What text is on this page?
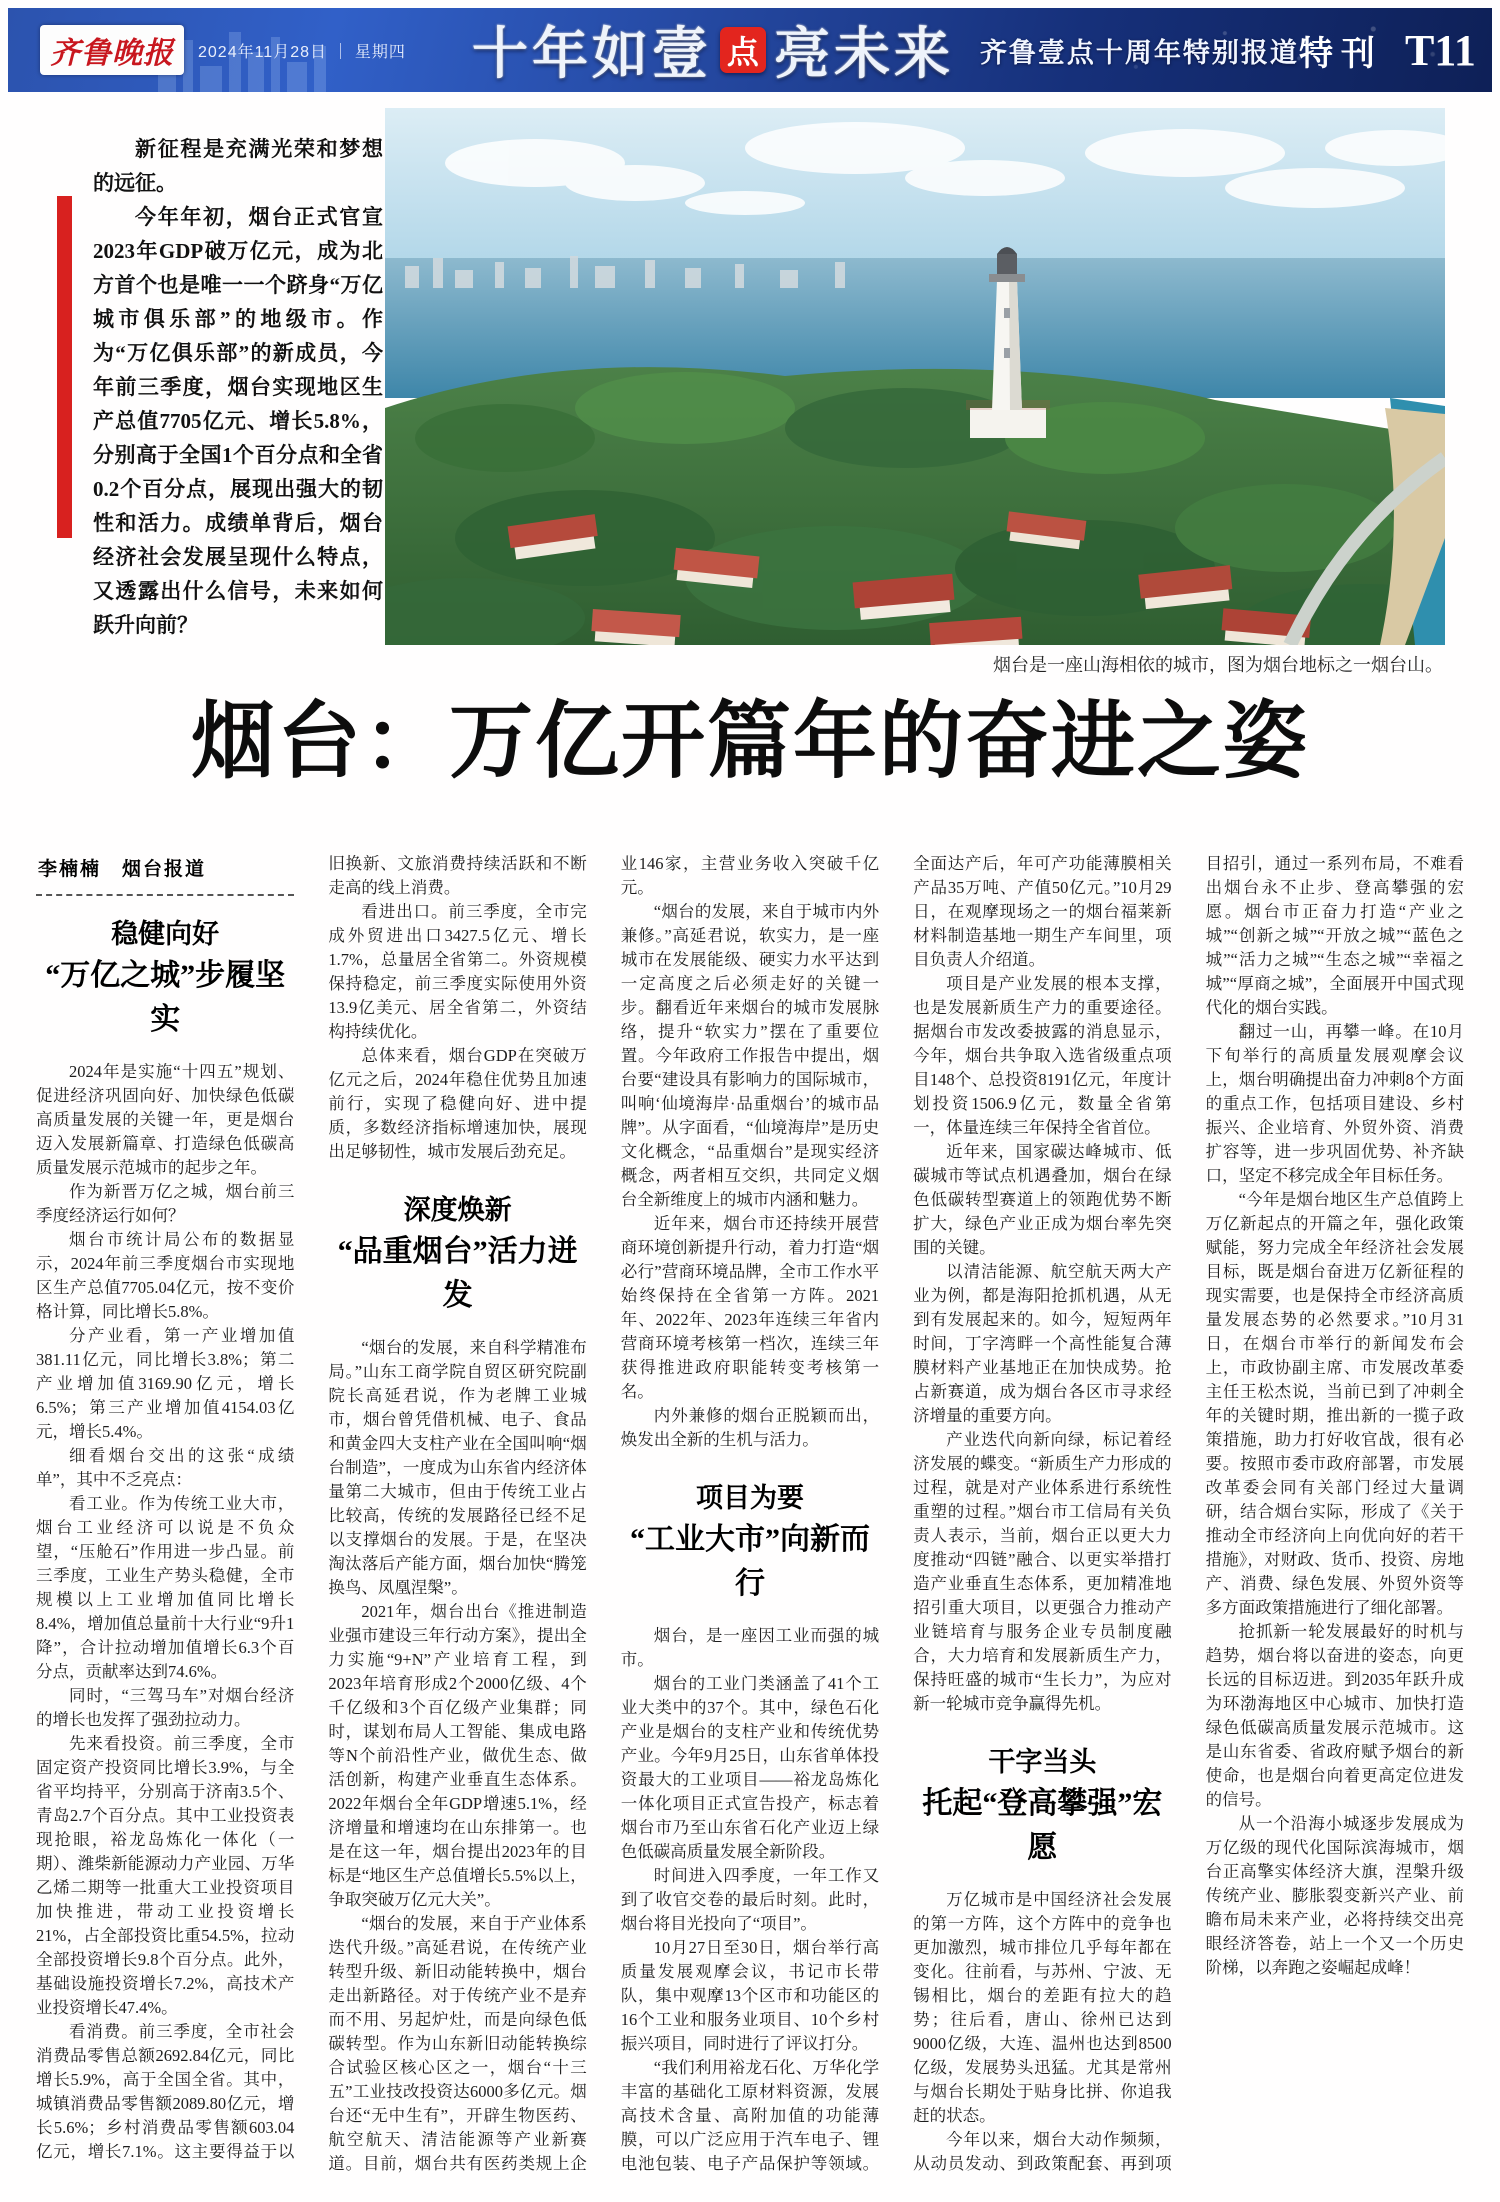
齐鲁晚报	2024年11月28日 ｜ 星期四 十年如壹 点 亮未来 齐鲁壹点十周年特别报道 特刊 T11

新征程是充满光荣和梦想的远征。

今年年初，烟台正式官宣2023年GDP破万亿元，成为北方首个也是唯一一个跻身“万亿城市俱乐部”的地级市。作为“万亿俱乐部”的新成员，今年前三季度，烟台实现地区生产总值7705亿元、增长5.8%，分别高于全国1个百分点和全省0.2个百分点，展现出强大的韧性和活力。成绩单背后，烟台经济社会发展呈现什么特点，又透露出什么信号，未来如何跃升向前？

烟台是一座山海相依的城市，图为烟台地标之一烟台山。
烟台：万亿开篇年的奋进之姿
李楠楠　烟台报道
稳健向好
“万亿之城”步履坚实

2024年是实施“十四五”规划、促进经济巩固向好、加快绿色低碳高质量发展的关键一年，更是烟台迈入发展新篇章、打造绿色低碳高质量发展示范城市的起步之年。

作为新晋万亿之城，烟台前三季度经济运行如何？

烟台市统计局公布的数据显示，2024年前三季度烟台市实现地区生产总值7705.04亿元，按不变价格计算，同比增长5.8%。

分产业看，第一产业增加值381.11亿元，同比增长3.8%；第二产业增加值3169.90亿元，增长6.5%；第三产业增加值4154.03亿元，增长5.4%。

细看烟台交出的这张“成绩单”，其中不乏亮点：

看工业。作为传统工业大市，烟台工业经济可以说是不负众望，“压舱石”作用进一步凸显。前三季度，工业生产势头稳健，全市规模以上工业增加值同比增长8.4%，增加值总量前十大行业“9升1降”，合计拉动增加值增长6.3个百分点，贡献率达到74.6%。

同时，“三驾马车”对烟台经济的增长也发挥了强劲拉动力。

先来看投资。前三季度，全市固定资产投资同比增长3.9%，与全省平均持平，分别高于济南3.5个、青岛2.7个百分点。其中工业投资表现抢眼，裕龙岛炼化一体化（一期）、潍柴新能源动力产业园、万华乙烯二期等一批重大工业投资项目加快推进，带动工业投资增长21%，占全部投资比重54.5%，拉动全部投资增长9.8个百分点。此外，基础设施投资增长7.2%，高技术产业投资增长47.4%。

看消费。前三季度，全市社会消费品零售总额2692.84亿元，同比增长5.9%，高于全国全省。其中，城镇消费品零售额2089.80亿元，增长5.6%；乡村消费品零售额603.04亿元，增长7.1%。这主要得益于以旧换新、文旅消费持续活跃和不断走高的线上消费。

看进出口。前三季度，全市完成外贸进出口3427.5亿元、增长1.7%，总量居全省第二。外资规模保持稳定，前三季度实际使用外资13.9亿美元、居全省第二，外资结构持续优化。

总体来看，烟台GDP在突破万亿元之后，2024年稳住优势且加速前行，实现了稳健向好、进中提质，多数经济指标增速加快，展现出足够韧性，城市发展后劲充足。

深度焕新
“品重烟台”活力迸发

“烟台的发展，来自科学精准布局。”山东工商学院自贸区研究院副院长高延君说，作为老牌工业城市，烟台曾凭借机械、电子、食品和黄金四大支柱产业在全国叫响“烟台制造”，一度成为山东省内经济体量第二大城市，但由于传统工业占比较高，传统的发展路径已经不足以支撑烟台的发展。于是，在坚决淘汰落后产能方面，烟台加快“腾笼换鸟、凤凰涅槃”。

2021年，烟台出台《推进制造业强市建设三年行动方案》，提出全力实施“9+N”产业培育工程，到2023年培育形成2个2000亿级、4个千亿级和3个百亿级产业集群；同时，谋划布局人工智能、集成电路等N个前沿性产业，做优生态、做活创新，构建产业垂直生态体系。2022年烟台全年GDP增速5.1%，经济增量和增速均在山东排第一。也是在这一年，烟台提出2023年的目标是“地区生产总值增长5.5%以上，争取突破万亿元大关”。

“烟台的发展，来自于产业体系迭代升级。”高延君说，在传统产业转型升级、新旧动能转换中，烟台走出新路径。对于传统产业不是弃而不用、另起炉灶，而是向绿色低碳转型。作为山东新旧动能转换综合试验区核心区之一，烟台“十三五”工业技改投资达6000多亿元。烟台还“无中生有”，开辟生物医药、航空航天、清洁能源等产业新赛道。目前，烟台共有医药类规上企业146家，主营业务收入突破千亿元。

“烟台的发展，来自于城市内外兼修。”高延君说，软实力，是一座城市在发展能级、硬实力水平达到一定高度之后必须走好的关键一步。翻看近年来烟台的城市发展脉络，提升“软实力”摆在了重要位置。今年政府工作报告中提出，烟台要“建设具有影响力的国际城市，叫响‘仙境海岸·品重烟台’的城市品牌”。从字面看，“仙境海岸”是历史文化概念，“品重烟台”是现实经济概念，两者相互交织，共同定义烟台全新维度上的城市内涵和魅力。

近年来，烟台市还持续开展营商环境创新提升行动，着力打造“烟必行”营商环境品牌，全市工作水平始终保持在全省第一方阵。2021年、2022年、2023年连续三年省内营商环境考核第一档次，连续三年获得推进政府职能转变考核第一名。

内外兼修的烟台正脱颖而出，焕发出全新的生机与活力。

项目为要
“工业大市”向新而行

烟台，是一座因工业而强的城市。

烟台的工业门类涵盖了41个工业大类中的37个。其中，绿色石化产业是烟台的支柱产业和传统优势产业。今年9月25日，山东省单体投资最大的工业项目——裕龙岛炼化一体化项目正式宣告投产，标志着烟台市乃至山东省石化产业迈上绿色低碳高质量发展全新阶段。

时间进入四季度，一年工作又到了收官交卷的最后时刻。此时，烟台将目光投向了“项目”。

10月27日至30日，烟台举行高质量发展观摩会议，书记市长带队，集中观摩13个区市和功能区的16个工业和服务业项目、10个乡村振兴项目，同时进行了评议打分。

“我们利用裕龙石化、万华化学丰富的基础化工原材料资源，发展高技术含量、高附加值的功能薄膜，可以广泛应用于汽车电子、锂电池包装、电子产品保护等领域。全面达产后，年可产功能薄膜相关产品35万吨、产值50亿元。”10月29日，在观摩现场之一的烟台福莱新材料制造基地一期生产车间里，项目负责人介绍道。

项目是产业发展的根本支撑，也是发展新质生产力的重要途径。据烟台市发改委披露的消息显示，今年，烟台共争取入选省级重点项目148个、总投资8191亿元，年度计划投资1506.9亿元，数量全省第一，体量连续三年保持全省首位。

近年来，国家碳达峰城市、低碳城市等试点机遇叠加，烟台在绿色低碳转型赛道上的领跑优势不断扩大，绿色产业正成为烟台率先突围的关键。

以清洁能源、航空航天两大产业为例，都是海阳抢抓机遇，从无到有发展起来的。如今，短短两年时间，丁字湾畔一个高性能复合薄膜材料产业基地正在加快成势。抢占新赛道，成为烟台各区市寻求经济增量的重要方向。

产业迭代向新向绿，标记着经济发展的蝶变。“新质生产力形成的过程，就是对产业体系进行系统性重塑的过程。”烟台市工信局有关负责人表示，当前，烟台正以更大力度推动“四链”融合、以更实举措打造产业垂直生态体系，更加精准地招引重大项目，以更强合力推动产业链培育与服务企业专员制度融合，大力培育和发展新质生产力，保持旺盛的城市“生长力”，为应对新一轮城市竞争赢得先机。

干字当头
托起“登高攀强”宏愿

万亿城市是中国经济社会发展的第一方阵，这个方阵中的竞争也更加激烈，城市排位几乎每年都在变化。往前看，与苏州、宁波、无锡相比，烟台的差距有拉大的趋势；往后看，唐山、徐州已达到9000亿级，大连、温州也达到8500亿级，发展势头迅猛。尤其是常州与烟台长期处于贴身比拼、你追我赶的状态。

今年以来，烟台大动作频频，从动员发动、到政策配套、再到项目招引，通过一系列布局，不难看出烟台永不止步、登高攀强的宏愿。烟台市正奋力打造“产业之城”“创新之城”“开放之城”“蓝色之城”“活力之城”“生态之城”“幸福之城”“厚商之城”，全面展开中国式现代化的烟台实践。

翻过一山，再攀一峰。在10月下旬举行的高质量发展观摩会议上，烟台明确提出奋力冲刺8个方面的重点工作，包括项目建设、乡村振兴、企业培育、外贸外资、消费扩容等，进一步巩固优势、补齐缺口，坚定不移完成全年目标任务。

“今年是烟台地区生产总值跨上万亿新起点的开篇之年，强化政策赋能，努力完成全年经济社会发展目标，既是烟台奋进万亿新征程的现实需要，也是保持全市经济高质量发展态势的必然要求。”10月31日，在烟台市举行的新闻发布会上，市政协副主席、市发展改革委主任王松杰说，当前已到了冲刺全年的关键时期，推出新的一揽子政策措施，助力打好收官战，很有必要。按照市委市政府部署，市发展改革委会同有关部门经过大量调研，结合烟台实际，形成了《关于推动全市经济向上向优向好的若干措施》，对财政、货币、投资、房地产、消费、绿色发展、外贸外资等多方面政策措施进行了细化部署。

抢抓新一轮发展最好的时机与趋势，烟台将以奋进的姿态，向更长远的目标迈进。到2035年跃升成为环渤海地区中心城市、加快打造绿色低碳高质量发展示范城市。这是山东省委、省政府赋予烟台的新使命，也是烟台向着更高定位进发的信号。

从一个沿海小城逐步发展成为万亿级的现代化国际滨海城市，烟台正高擎实体经济大旗，涅槃升级传统产业、膨胀裂变新兴产业、前瞻布局未来产业，必将持续交出亮眼经济答卷，站上一个又一个历史阶梯，以奔跑之姿崛起成峰！
